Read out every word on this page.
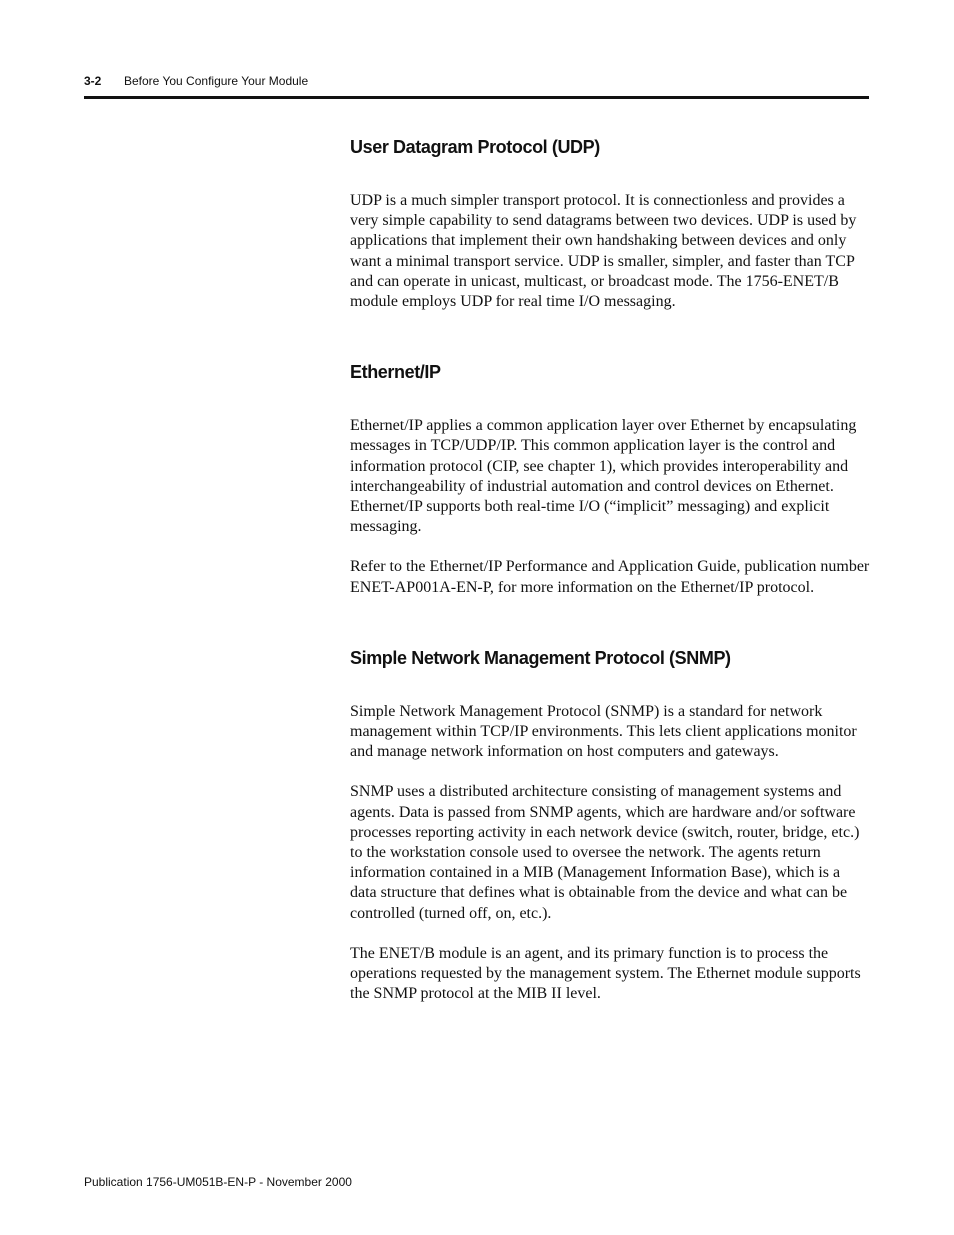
3-2 Before You Configure Your Module
User Datagram Protocol (UDP)

UDP is a much simpler transport protocol. It is connectionless and provides a very simple capability to send datagrams between two devices. UDP is used by applications that implement their own handshaking between devices and only want a minimal transport service. UDP is smaller, simpler, and faster than TCP and can operate in unicast, multicast, or broadcast mode. The 1756-ENET/B module employs UDP for real time I/O messaging.

Ethernet/IP

Ethernet/IP applies a common application layer over Ethernet by encapsulating messages in TCP/UDP/IP. This common application layer is the control and information protocol (CIP, see chapter 1), which provides interoperability and interchangeability of industrial automation and control devices on Ethernet. Ethernet/IP supports both real-time I/O (“implicit” messaging) and explicit messaging.

Refer to the Ethernet/IP Performance and Application Guide, publication number ENET-AP001A-EN-P, for more information on the Ethernet/IP protocol.

Simple Network Management Protocol (SNMP)

Simple Network Management Protocol (SNMP) is a standard for network management within TCP/IP environments. This lets client applications monitor and manage network information on host computers and gateways.

SNMP uses a distributed architecture consisting of management systems and agents. Data is passed from SNMP agents, which are hardware and/or software processes reporting activity in each network device (switch, router, bridge, etc.) to the workstation console used to oversee the network. The agents return information contained in a MIB (Management Information Base), which is a data structure that defines what is obtainable from the device and what can be controlled (turned off, on, etc.).

The ENET/B module is an agent, and its primary function is to process the operations requested by the management system. The Ethernet module supports the SNMP protocol at the MIB II level.

Publication 1756-UM051B-EN-P - November 2000
